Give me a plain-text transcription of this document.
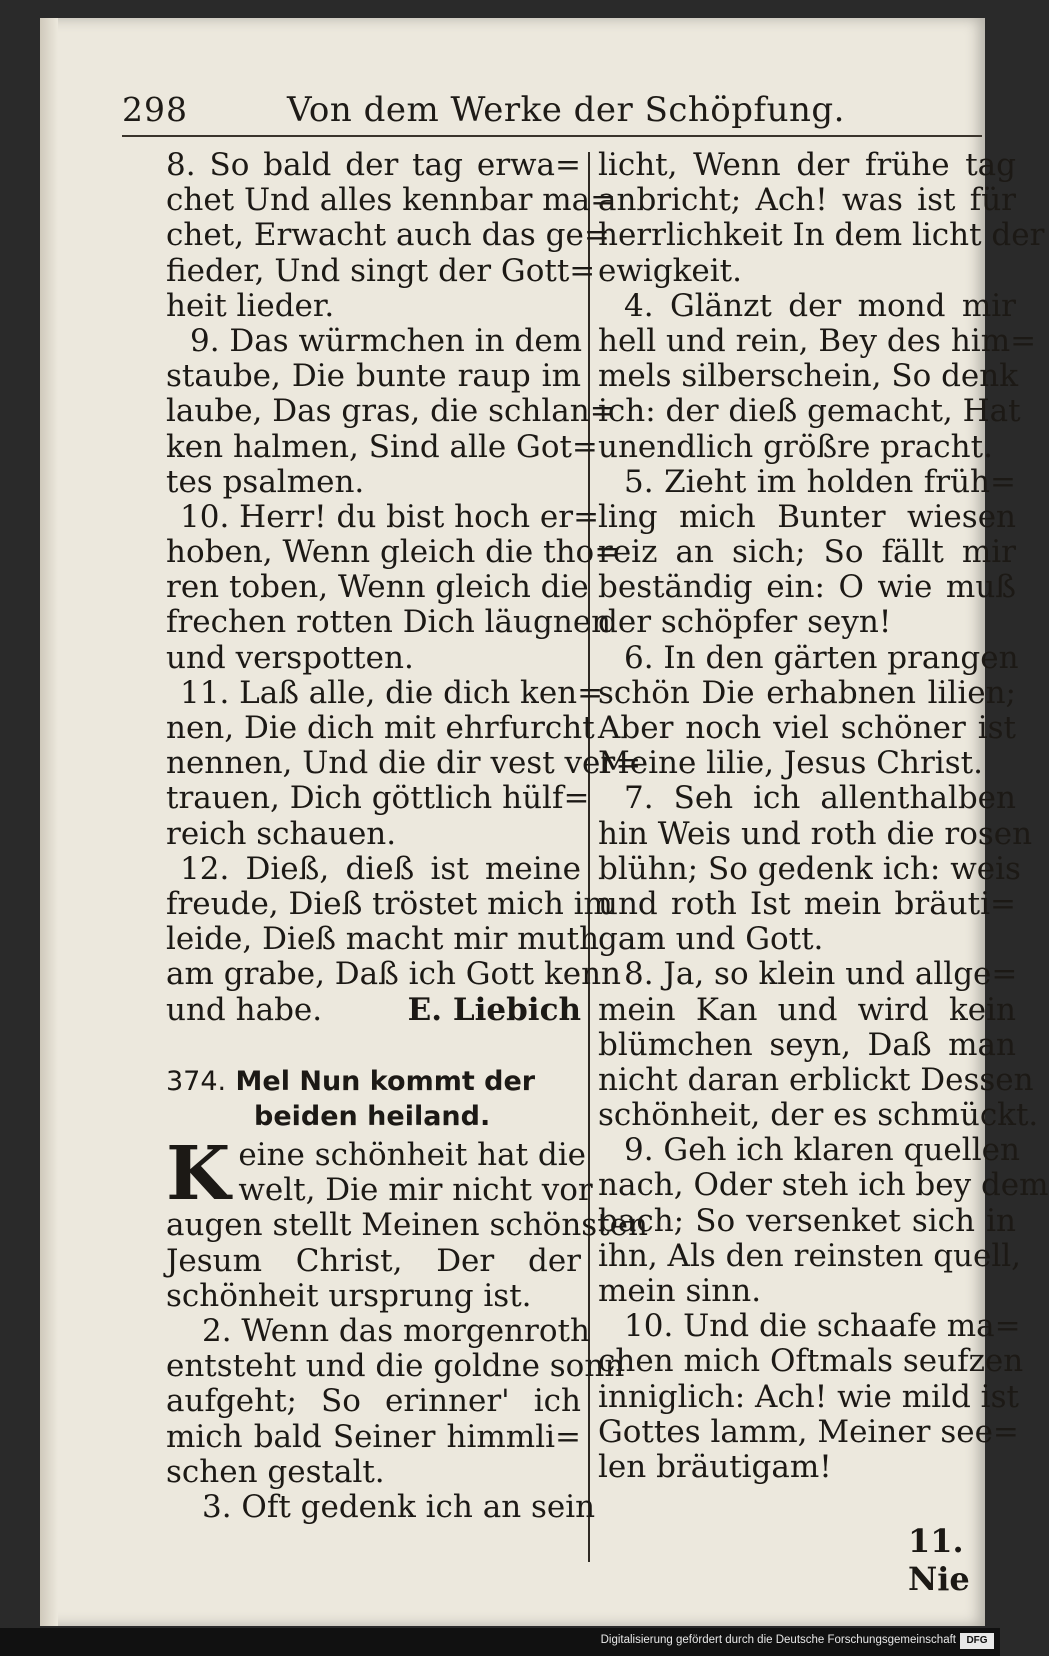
298	Von dem Werke der Schöpfung.
8. So bald der tag erwa=
chet Und alles kennbar ma=
chet, Erwacht auch das ge=
fieder, Und singt der Gott=
heit lieder.
9. Das würmchen in dem
staube, Die bunte raup im
laube, Das gras, die schlan=
ken halmen, Sind alle Got=
tes psalmen.
10. Herr! du bist hoch er=
hoben, Wenn gleich die tho=
ren toben, Wenn gleich die
frechen rotten Dich läugnen
und verspotten.
11. Laß alle, die dich ken=
nen, Die dich mit ehrfurcht
nennen, Und die dir vest ver=
trauen, Dich göttlich hülf=
reich schauen.
12. Dieß, dieß ist meine
freude, Dieß tröstet mich im
leide, Dieß macht mir muth
am grabe, Daß ich Gott kenn
und habe.	E. Liebich
374. Mel Nun kommt der
beiden heiland.
K eine schönheit hat die
welt, Die mir nicht vor
augen stellt Meinen schönsten
Jesum Christ, Der der
schönheit ursprung ist.
2. Wenn das morgenroth
entsteht und die goldne sonn
aufgeht; So erinner' ich
mich bald Seiner himmli=
schen gestalt.
3. Oft gedenk ich an sein
licht, Wenn der frühe tag
anbricht; Ach! was ist für
herrlichkeit In dem licht der
ewigkeit.
4. Glänzt der mond mir
hell und rein, Bey des him=
mels silberschein, So denk
ich: der dieß gemacht, Hat
unendlich größre pracht.
5. Zieht im holden früh=
ling mich Bunter wiesen
reiz an sich; So fällt mir
beständig ein: O wie muß
der schöpfer seyn!
6. In den gärten prangen
schön Die erhabnen lilien;
Aber noch viel schöner ist
Meine lilie, Jesus Christ.
7. Seh ich allenthalben
hin Weis und roth die rosen
blühn; So gedenk ich: weis
und roth Ist mein bräuti=
gam und Gott.
8. Ja, so klein und allge=
mein Kan und wird kein
blümchen seyn, Daß man
nicht daran erblickt Dessen
schönheit, der es schmückt.
9. Geh ich klaren quellen
nach, Oder steh ich bey dem
bach; So versenket sich in
ihn, Als den reinsten quell,
mein sinn.
10. Und die schaafe ma=
chen mich Oftmals seufzen
inniglich: Ach! wie mild ist
Gottes lamm, Meiner see=
len bräutigam!
11. Nie
Digitalisierung gefördert durch die Deutsche Forschungsgemeinschaft	DFG
